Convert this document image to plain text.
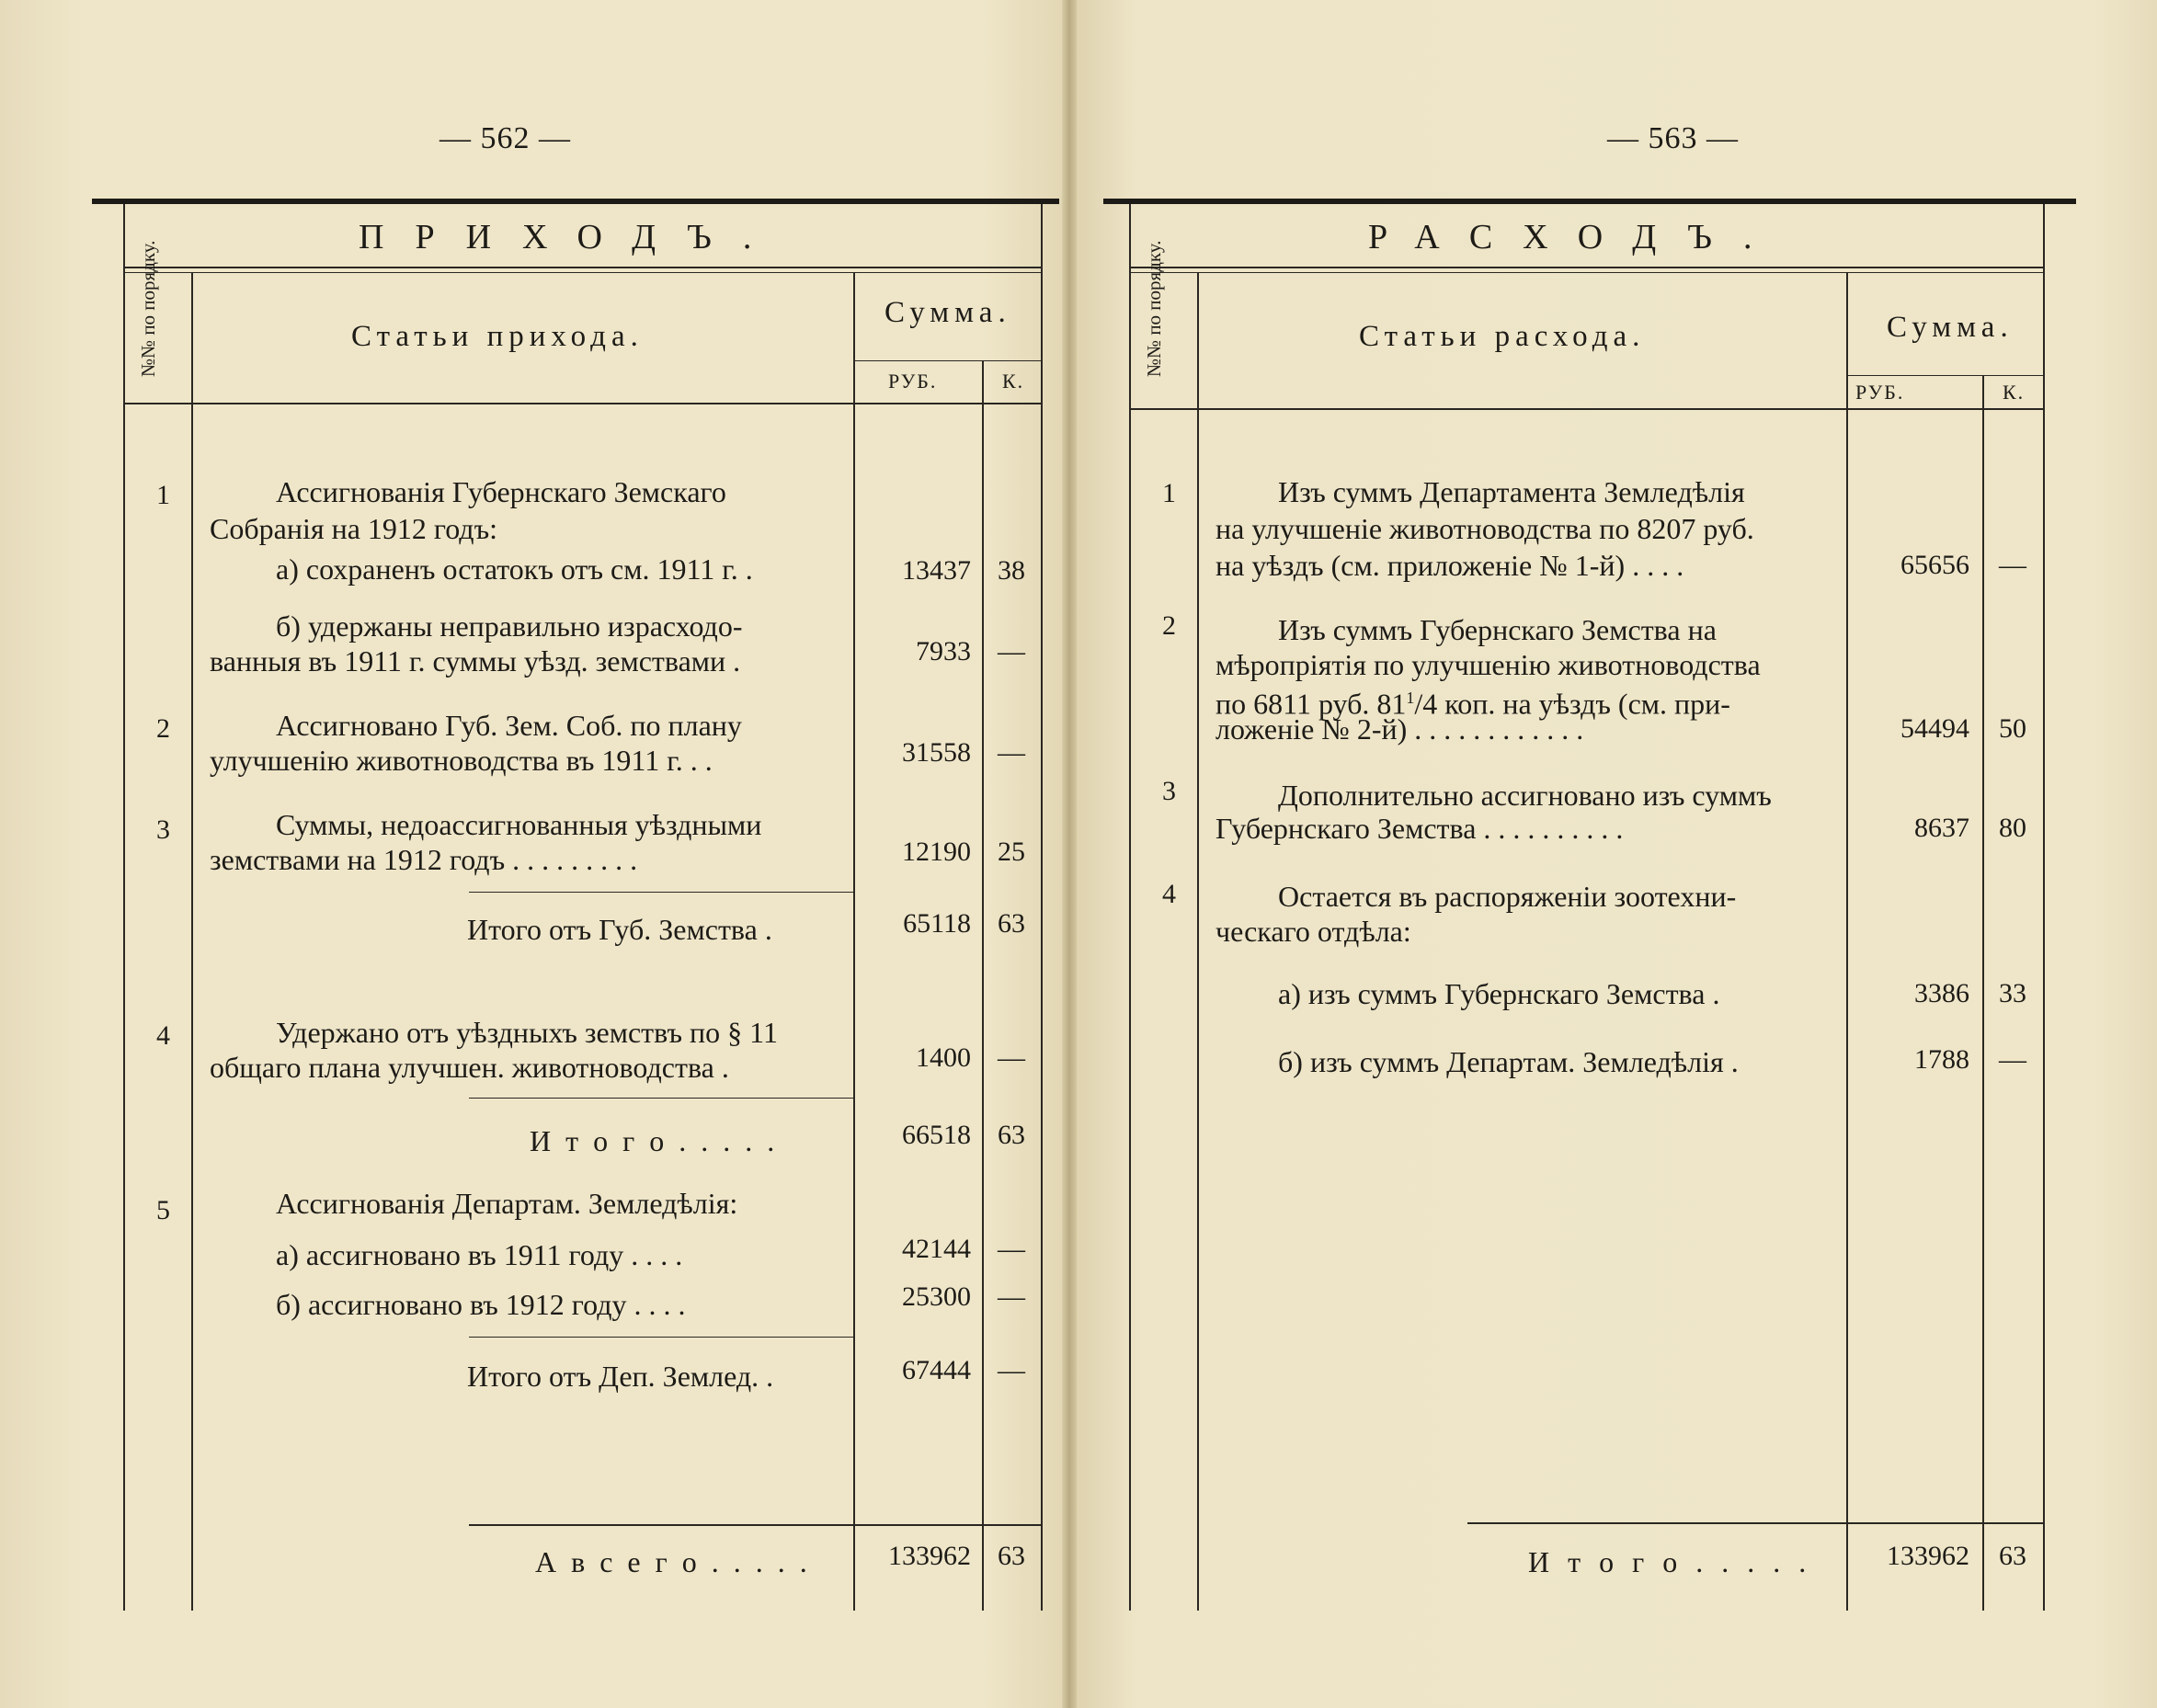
— 562 —
ПРИХОДЪ.
№№ по порядку.	Статьи прихода.
Сумма.
РУБ.	К.
1	Ассигнованія Губернскаго Земскаго
Собранія на 1912 годъ:
а) сохраненъ остатокъ отъ см. 1911 г. .	13437 38
б) удержаны неправильно израсходо-
ванныя въ 1911 г. суммы уѣзд. земствами .	7933 —
2	Ассигновано Губ. Зем. Соб. по плану
улучшенію животноводства въ 1911 г. . .	31558 —
3	Суммы, недоассигнованныя уѣздными
земствами на 1912 годъ . . . . . . . . .	12190 25
Итого отъ Губ. Земства .	65118 63
4	Удержано отъ уѣздныхъ земствъ по § 11
общаго плана улучшен. животноводства .	1400 —
И т о г о . . . . .	66518 63
5	Ассигнованія Департам. Земледѣлія:
а) ассигновано въ 1911 году . . . .	42144 —
б) ассигновано въ 1912 году . . . .	25300 —
Итого отъ Деп. Землед. .	67444 —
А в с е г о . . . . .	133962 63
— 563 —
РАСХОДЪ.
№№ по порядку.	Статьи расхода.	Сумма.
РУБ.	К.
1	Изъ суммъ Департамента Земледѣлія
на улучшеніе животноводства по 8207 руб.
на уѣздъ (см. приложеніе № 1-й) . . . .	65656	—
2	Изъ суммъ Губернскаго Земства на
мѣропріятія по улучшенію животноводства
по 6811 руб. $81^1/4$ коп. на уѣздъ (см. при-
ложеніе № 2-й) . . . . . . . . . . . .	54494	50
3	Дополнительно ассигновано изъ суммъ
Губернскаго Земства . . . . . . . . . .	8637	80
4	Остается въ распоряженіи зоотехни-
ческаго отдѣла:
а) изъ суммъ Губернскаго Земства .	3386	33
б) изъ суммъ Департам. Земледѣлія .	1788	—
И т о г о . . . . .	133962	63
